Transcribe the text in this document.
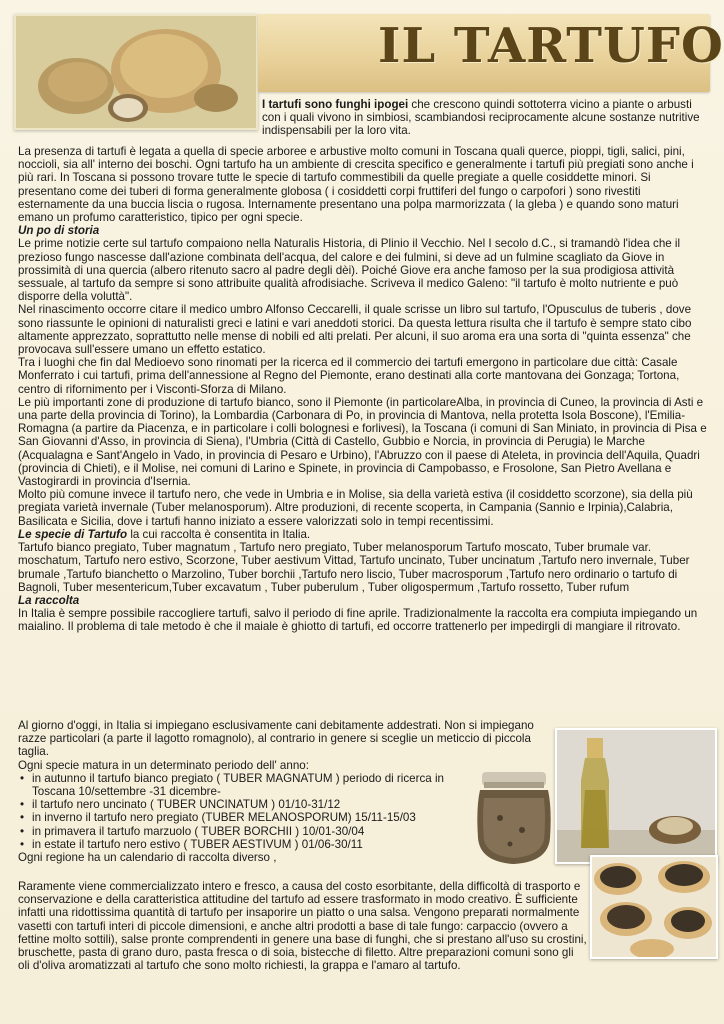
IL TARTUFO
I tartufi sono funghi ipogei che crescono quindi sottoterra vicino a piante o arbusti con i quali vivono in simbiosi, scambiandosi reciprocamente alcune sostanze nutritive indispensabili per la loro vita.

La presenza di tartufi è legata a quella di specie arboree e arbustive molto comuni in Toscana quali querce, pioppi, tigli, salici, pini, noccioli, sia all' interno dei boschi. Ogni tartufo ha un ambiente di crescita specifico e generalmente i tartufi più pregiati sono anche i più rari. In Toscana si possono trovare tutte le specie di tartufo commestibili da quelle pregiate a quelle cosiddette minori. Si presentano come dei tuberi di forma generalmente globosa ( i cosiddetti corpi fruttiferi del fungo o carpofori ) sono rivestiti esternamente da una buccia liscia o rugosa. Internamente presentano una polpa marmorizzata ( la gleba ) e quando sono maturi emano un profumo caratteristico, tipico per ogni specie.

Un po di storia

Le prime notizie certe sul tartufo compaiono nella Naturalis Historia, di Plinio il Vecchio. Nel I secolo d.C., si tramandò l'idea che il prezioso fungo nascesse dall'azione combinata dell'acqua, del calore e dei fulmini, si deve ad un fulmine scagliato da Giove in prossimità di una quercia (albero ritenuto sacro al padre degli dèi). Poiché Giove era anche famoso per la sua prodigiosa attività sessuale, al tartufo da sempre si sono attribuite qualità afrodisiache. Scriveva il medico Galeno: "il tartufo è molto nutriente e può disporre della voluttà".

Nel rinascimento occorre citare il medico umbro Alfonso Ceccarelli, il quale scrisse un libro sul tartufo, l'Opusculus de tuberis , dove sono riassunte le opinioni di naturalisti greci e latini e vari aneddoti storici. Da questa lettura risulta che il tartufo è sempre stato cibo altamente apprezzato, soprattutto nelle mense di nobili ed alti prelati. Per alcuni, il suo aroma era una sorta di "quinta essenza" che provocava sull'essere umano un effetto estatico.

Tra i luoghi che fin dal Medioevo sono rinomati per la ricerca ed il commercio dei tartufi emergono in particolare due città: Casale Monferrato i cui tartufi, prima dell'annessione al Regno del Piemonte, erano destinati alla corte mantovana dei Gonzaga; Tortona, centro di rifornimento per i Visconti-Sforza di Milano.

Le più importanti zone di produzione di tartufo bianco, sono il Piemonte (in particolareAlba, in provincia di Cuneo, la provincia di Asti e una parte della provincia di Torino), la Lombardia (Carbonara di Po, in provincia di Mantova, nella protetta Isola Boscone), l'Emilia-Romagna (a partire da Piacenza, e in particolare i colli bolognesi e forlivesi), la Toscana (i comuni di San Miniato, in provincia di Pisa e San Giovanni d'Asso, in provincia di Siena), l'Umbria (Città di Castello, Gubbio e Norcia, in provincia di Perugia) le Marche (Acqualagna e Sant'Angelo in Vado, in provincia di Pesaro e Urbino), l'Abruzzo con il paese di Ateleta, in provincia dell'Aquila, Quadri (provincia di Chieti), e il Molise, nei comuni di Larino e Spinete, in provincia di Campobasso, e Frosolone, San Pietro Avellana e Vastogirardi in provincia d'Isernia.

Molto più comune invece il tartufo nero, che vede in Umbria e in Molise, sia della varietà estiva (il cosiddetto scorzone), sia della più pregiata varietà invernale (Tuber melanosporum). Altre produzioni, di recente scoperta, in Campania (Sannio e Irpinia),Calabria, Basilicata e Sicilia, dove i tartufi hanno iniziato a essere valorizzati solo in tempi recentissimi.

Le specie di Tartufo la cui raccolta è consentita in Italia.

Tartufo bianco pregiato, Tuber magnatum , Tartufo nero pregiato, Tuber melanosporum Tartufo moscato, Tuber brumale var. moschatum, Tartufo nero estivo, Scorzone, Tuber aestivum Vittad, Tartufo uncinato, Tuber uncinatum ,Tartufo nero invernale, Tuber brumale ,Tartufo bianchetto o Marzolino, Tuber borchii ,Tartufo nero liscio, Tuber macrosporum ,Tartufo nero ordinario o tartufo di Bagnoli, Tuber mesentericum,Tuber excavatum , Tuber puberulum , Tuber oligospermum ,Tartufo rossetto, Tuber rufum

La raccolta

In Italia è sempre possibile raccogliere tartufi, salvo il periodo di fine aprile. Tradizionalmente la raccolta era compiuta impiegando un maialino. Il problema di tale metodo è che il maiale è ghiotto di tartufi, ed occorre trattenerlo per impedirgli di mangiare il ritrovato.

Al giorno d'oggi, in Italia si impiegano esclusivamente cani debitamente addestrati. Non si impiegano razze particolari (a parte il lagotto romagnolo), al contrario in genere si sceglie un meticcio di piccola taglia.

Ogni specie matura in un determinato periodo dell' anno:

• in autunno il tartufo bianco pregiato ( TUBER MAGNATUM ) periodo di ricerca in Toscana 10/settembre -31 dicembre-
• il tartufo nero uncinato ( TUBER UNCINATUM ) 01/10-31/12
• in inverno il tartufo nero pregiato (TUBER MELANOSPORUM) 15/11-15/03
• in primavera il tartufo marzuolo ( TUBER BORCHII ) 10/01-30/04
• in estate il tartufo nero estivo ( TUBER AESTIVUM ) 01/06-30/11

Ogni regione ha un calendario di raccolta diverso ,

Raramente viene commercializzato intero e fresco, a causa del costo esorbitante, della difficoltà di trasporto e conservazione e della caratteristica attitudine del tartufo ad essere trasformato in modo creativo. È sufficiente infatti una ridottissima quantità di tartufo per insaporire un piatto o una salsa. Vengono preparati normalmente vasetti con tartufi interi di piccole dimensioni, e anche altri prodotti a base di tale fungo: carpaccio (ovvero a fettine molto sottili), salse pronte comprendenti in genere una base di funghi, che si prestano all'uso su crostini, bruschette, pasta di grano duro, pasta fresca o di soia, bistecche di filetto. Altre preparazioni comuni sono gli oli d'oliva aromatizzati al tartufo che sono molto richiesti, la grappa e l'amaro al tartufo.
